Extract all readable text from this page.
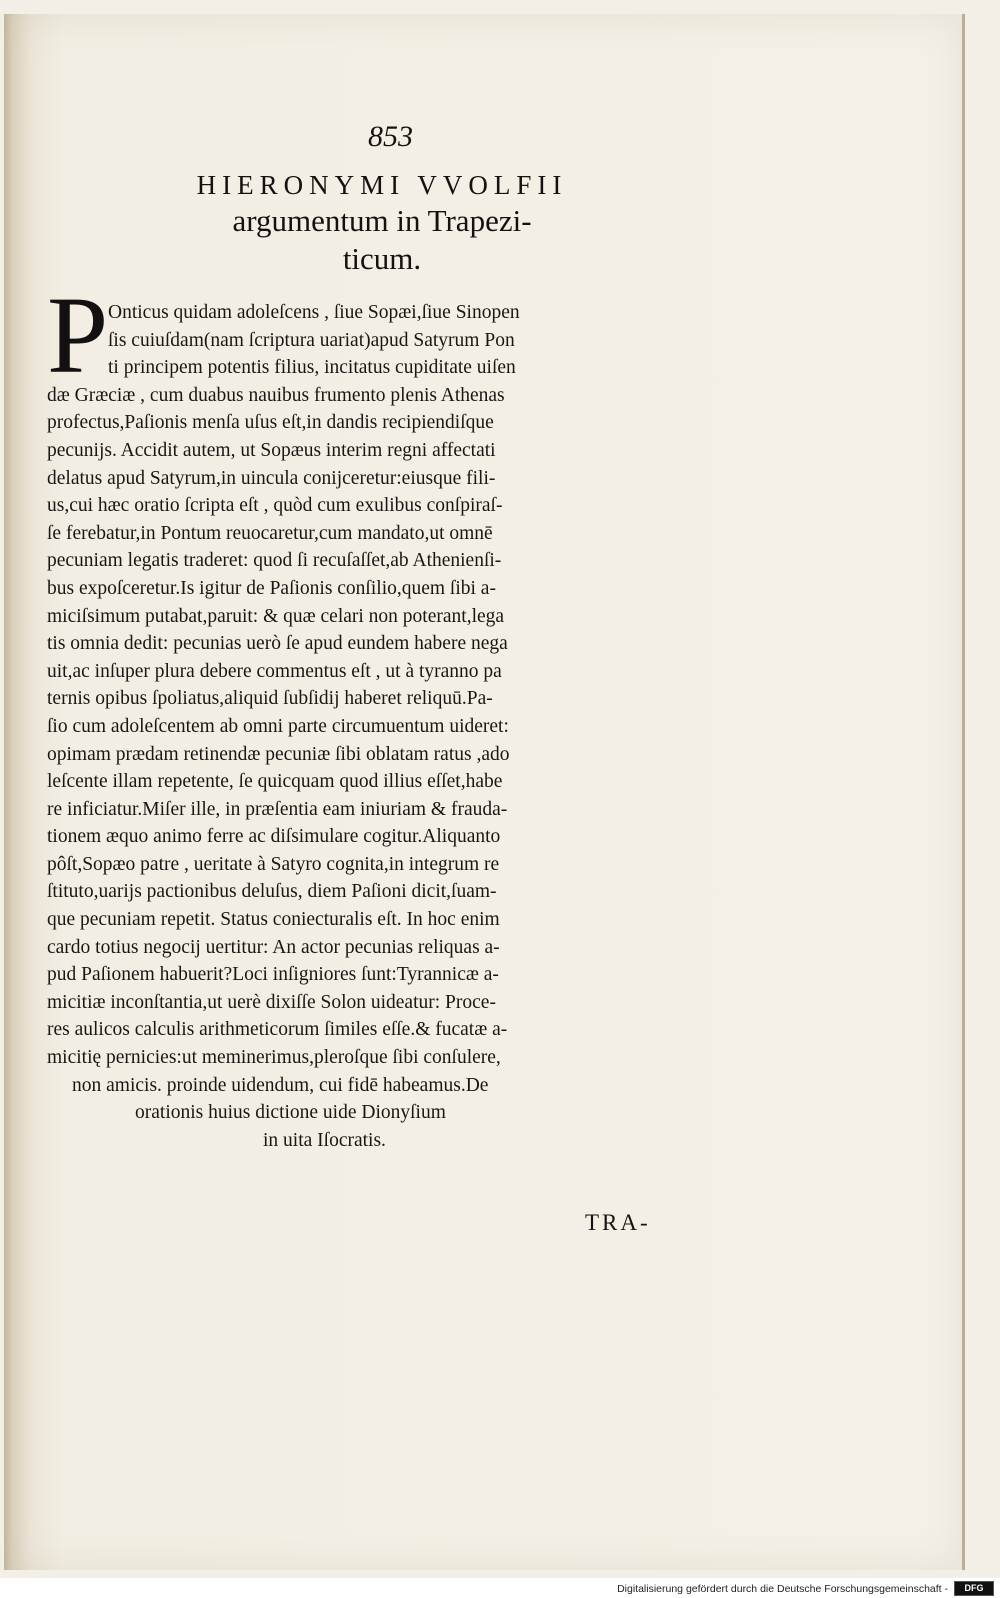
853
HIERONYMI VVOLFII
argumentum in Trapezi-
ticum.
P Onticus quidam adoleſcens , ſiue Sopæi,ſiue Sinopen
ſis cuiuſdam(nam ſcriptura uariat)apud Satyrum Pon
ti principem potentis filius, incitatus cupiditate uiſen
dæ Græciæ , cum duabus nauibus frumento plenis Athenas
profectus,Paſionis menſa uſus eſt,in dandis recipiendiſque
pecunijs. Accidit autem, ut Sopæus interim regni affectati
delatus apud Satyrum,in uincula conijceretur:eiusque fili-
us,cui hæc oratio ſcripta eſt , quòd cum exulibus conſpiraſ-
ſe ferebatur,in Pontum reuocaretur,cum mandato,ut omnē
pecuniam legatis traderet: quod ſi recuſaſſet,ab Athenienſi-
bus expoſceretur.Is igitur de Paſionis conſilio,quem ſibi a-
miciſsimum putabat,paruit: & quæ celari non poterant,lega
tis omnia dedit: pecunias uerò ſe apud eundem habere nega
uit,ac inſuper plura debere commentus eſt , ut à tyranno pa
ternis opibus ſpoliatus,aliquid ſubſidij haberet reliquū.Pa-
ſio cum adoleſcentem ab omni parte circumuentum uideret:
opimam prædam retinendæ pecuniæ ſibi oblatam ratus ,ado
leſcente illam repetente, ſe quicquam quod illius eſſet,habe
re inficiatur.Miſer ille, in præſentia eam iniuriam & frauda-
tionem æquo animo ferre ac diſsimulare cogitur.Aliquanto
pôſt,Sopæo patre , ueritate à Satyro cognita,in integrum re
ſtituto,uarijs pactionibus deluſus, diem Paſioni dicit,ſuam-
que pecuniam repetit. Status coniecturalis eſt. In hoc enim
cardo totius negocij uertitur: An actor pecunias reliquas a-
pud Paſionem habuerit?Loci inſigniores ſunt:Tyrannicæ a-
micitiæ inconſtantia,ut uerè dixiſſe Solon uideatur: Proce-
res aulicos calculis arithmeticorum ſimiles eſſe.& fucatæ a-
micitię pernicies:ut meminerimus,pleroſque ſibi conſulere,
non amicis. proinde uidendum, cui fidē habeamus.De
orationis huius dictione uide Dionyſium
in uita Iſocratis.
TRA-
Digitalisierung gefördert durch die Deutsche Forschungsgemeinschaft -	DFG
